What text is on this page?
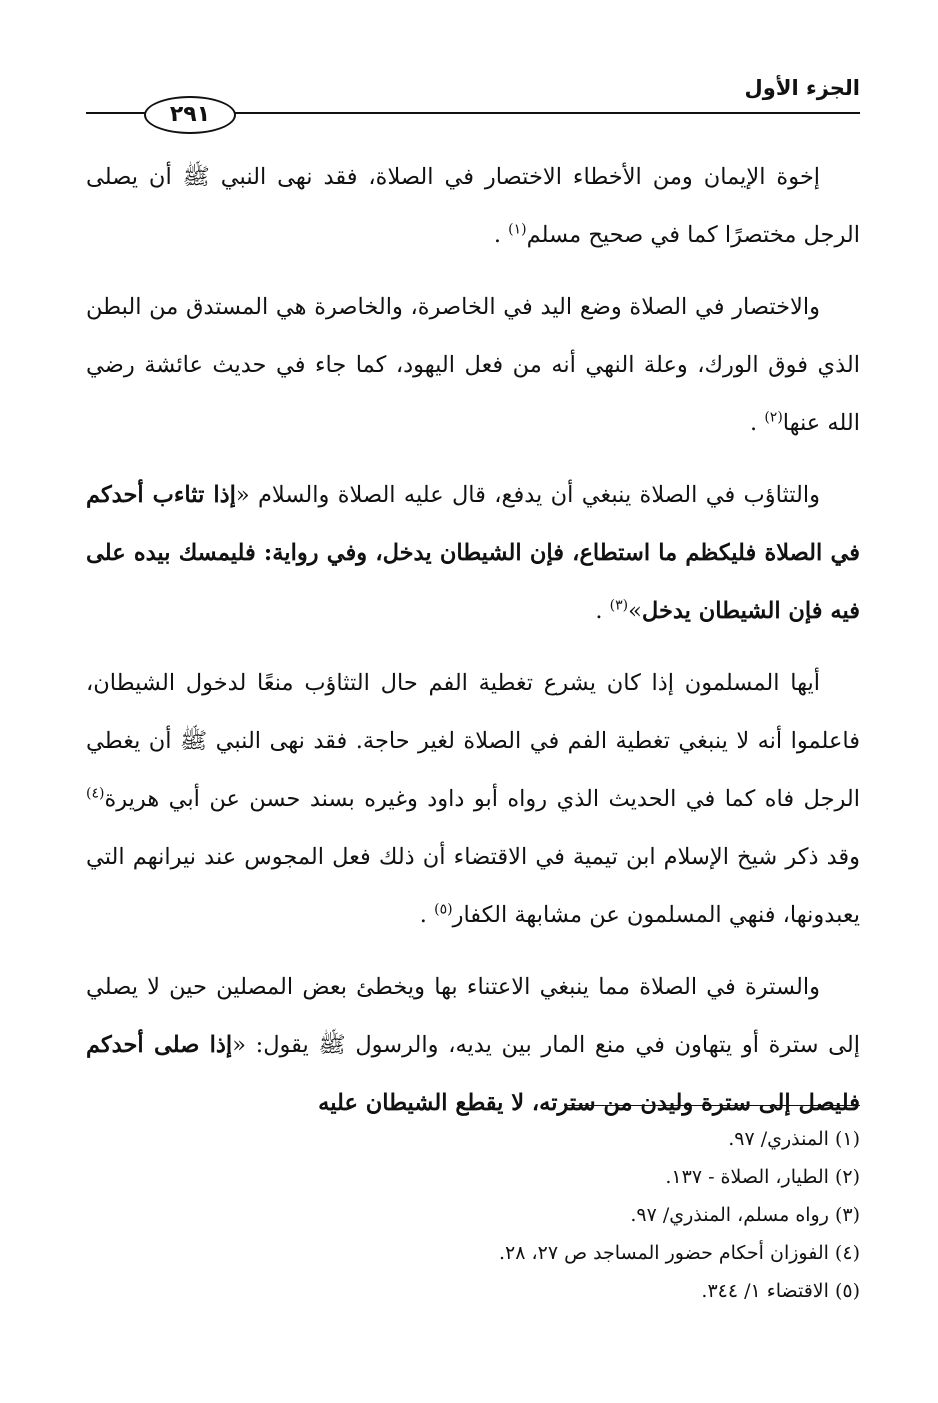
الجزء الأول
٢٩١

إخوة الإيمان ومن الأخطاء الاختصار في الصلاة، فقد نهى النبي ﷺ أن يصلى الرجل مختصرًا كما في صحيح مسلم$^{(١)}$ .

والاختصار في الصلاة وضع اليد في الخاصرة، والخاصرة هي المستدق من البطن الذي فوق الورك، وعلة النهي أنه من فعل اليهود، كما جاء في حديث عائشة رضي الله عنها$^{(٢)}$ .

والتثاؤب في الصلاة ينبغي أن يدفع، قال عليه الصلاة والسلام «إذا تثاءب أحدكم في الصلاة فليكظم ما استطاع، فإن الشيطان يدخل، وفي رواية: فليمسك بيده على فيه فإن الشيطان يدخل»$^{(٣)}$ .

أيها المسلمون إذا كان يشرع تغطية الفم حال التثاؤب منعًا لدخول الشيطان، فاعلموا أنه لا ينبغي تغطية الفم في الصلاة لغير حاجة. فقد نهى النبي ﷺ أن يغطي الرجل فاه كما في الحديث الذي رواه أبو داود وغيره بسند حسن عن أبي هريرة$^{(٤)}$ وقد ذكر شيخ الإسلام ابن تيمية في الاقتضاء أن ذلك فعل المجوس عند نيرانهم التي يعبدونها، فنهي المسلمون عن مشابهة الكفار$^{(٥)}$ .

والسترة في الصلاة مما ينبغي الاعتناء بها ويخطئ بعض المصلين حين لا يصلي إلى سترة أو يتهاون في منع المار بين يديه، والرسول ﷺ يقول: «إذا صلى أحدكم فليصل إلى سترة وليدن من سترته، لا يقطع الشيطان عليه

(١) المنذري/ ٩٧.
(٢) الطيار، الصلاة - ١٣٧.
(٣) رواه مسلم، المنذري/ ٩٧.
(٤) الفوزان أحكام حضور المساجد ص ٢٧، ٢٨.
(٥) الاقتضاء ١/ ٣٤٤.
